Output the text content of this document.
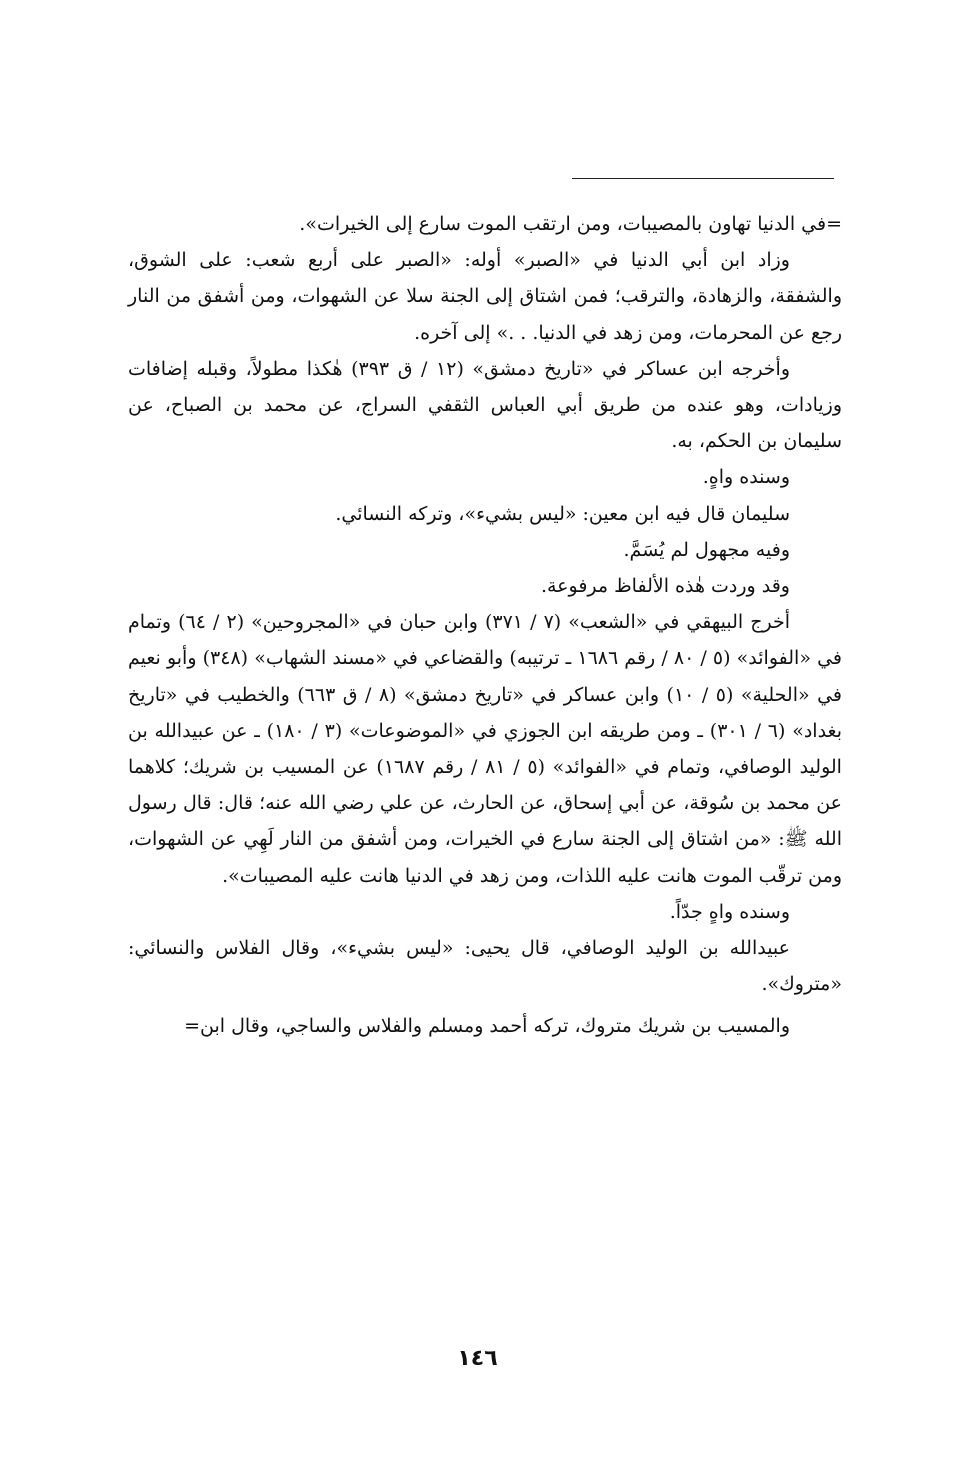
=في الدنيا تهاون بالمصيبات، ومن ارتقب الموت سارع إلى الخيرات».

وزاد ابن أبي الدنيا في «الصبر» أوله: «الصبر على أربع شعب: على الشوق، والشفقة، والزهادة، والترقب؛ فمن اشتاق إلى الجنة سلا عن الشهوات، ومن أشفق من النار رجع عن المحرمات، ومن زهد في الدنيا. . .» إلى آخره.

وأخرجه ابن عساكر في «تاريخ دمشق» (١٢ / ق ٣٩٣) هٰكذا مطولاً، وقبله إضافات وزيادات، وهو عنده من طريق أبي العباس الثقفي السراج، عن محمد بن الصباح، عن سليمان بن الحكم، به.

وسنده واهٍ.

سليمان قال فيه ابن معين: «ليس بشيء»، وتركه النسائي.

وفيه مجهول لم يُسَمَّ.

وقد وردت هٰذه الألفاظ مرفوعة.

أخرج البيهقي في «الشعب» (٧ / ٣٧١) وابن حبان في «المجروحين» (٢ / ٦٤) وتمام في «الفوائد» (٥ / ٨٠ / رقم ١٦٨٦ ـ ترتيبه) والقضاعي في «مسند الشهاب» (٣٤٨) وأبو نعيم في «الحلية» (٥ / ١٠) وابن عساكر في «تاريخ دمشق» (٨ / ق ٦٦٣) والخطيب في «تاريخ بغداد» (٦ / ٣٠١) ـ ومن طريقه ابن الجوزي في «الموضوعات» (٣ / ١٨٠) ـ عن عبيدالله بن الوليد الوصافي، وتمام في «الفوائد» (٥ / ٨١ / رقم ١٦٨٧) عن المسيب بن شريك؛ كلاهما عن محمد بن سُوقة، عن أبي إسحاق، عن الحارث، عن علي رضي الله عنه؛ قال: قال رسول الله ﷺ: «من اشتاق إلى الجنة سارع في الخيرات، ومن أشفق من النار لَهِي عن الشهوات، ومن ترقّب الموت هانت عليه اللذات، ومن زهد في الدنيا هانت عليه المصيبات».

وسنده واهٍ جدّاً.

عبيدالله بن الوليد الوصافي، قال يحيى: «ليس بشيء»، وقال الفلاس والنسائي: «متروك».

والمسيب بن شريك متروك، تركه أحمد ومسلم والفلاس والساجي، وقال ابن=

١٤٦
